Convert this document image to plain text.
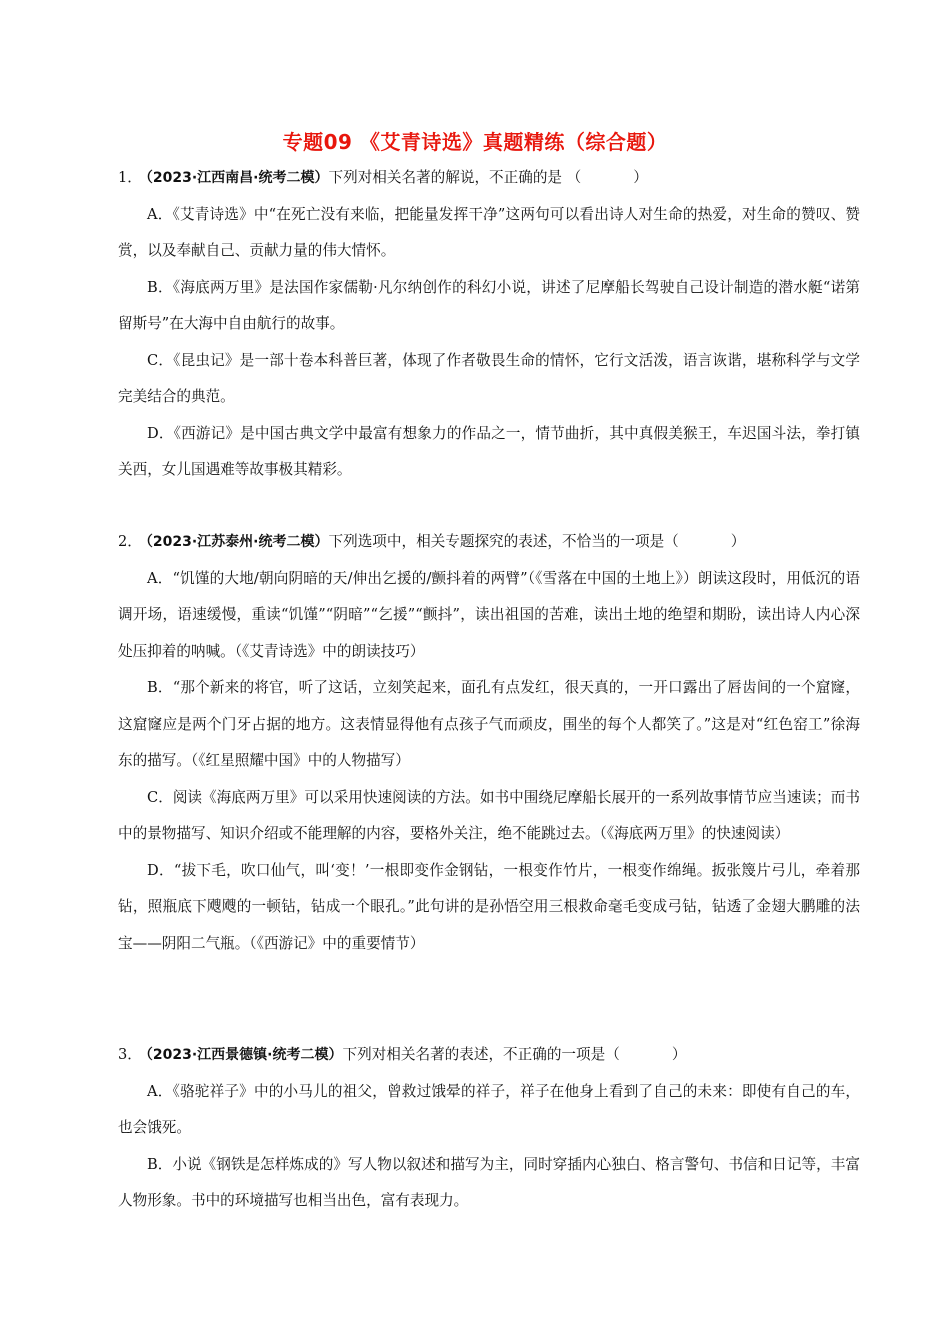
专题09 《艾青诗选》真题精练（综合题）
1． （2023·江西南昌·统考二模）下列对相关名著的解说，不正确的是 （	）

A．《艾青诗选》中“在死亡没有来临，把能量发挥干净”这两句可以看出诗人对生命的热爱，对生命的赞叹、赞赏，以及奉献自己、贡献力量的伟大情怀。

B．《海底两万里》是法国作家儒勒·凡尔纳创作的科幻小说，讲述了尼摩船长驾驶自己设计制造的潜水艇“诺第留斯号”在大海中自由航行的故事。

C．《昆虫记》是一部十卷本科普巨著，体现了作者敬畏生命的情怀，它行文活泼，语言诙谐，堪称科学与文学完美结合的典范。

D．《西游记》是中国古典文学中最富有想象力的作品之一，情节曲折，其中真假美猴王，车迟国斗法，拳打镇关西，女儿国遇难等故事极其精彩。

2． （2023·江苏泰州·统考二模）下列选项中，相关专题探究的表述，不恰当的一项是（	）

A．“饥馑的大地/朝向阴暗的天/伸出乞援的/颤抖着的两臂”（《雪落在中国的土地上》）朗读这段时，用低沉的语调开场，语速缓慢，重读“饥馑”“阴暗”“乞援”“颤抖”，读出祖国的苦难，读出土地的绝望和期盼，读出诗人内心深处压抑着的呐喊。（《艾青诗选》中的朗读技巧）

B．“那个新来的将官，听了这话，立刻笑起来，面孔有点发红，很天真的，一开口露出了唇齿间的一个窟窿，这窟窿应是两个门牙占据的地方。这表情显得他有点孩子气而顽皮，围坐的每个人都笑了。”这是对“红色窑工”徐海东的描写。（《红星照耀中国》中的人物描写）

C．阅读《海底两万里》可以采用快速阅读的方法。如书中围绕尼摩船长展开的一系列故事情节应当速读；而书中的景物描写、知识介绍或不能理解的内容，要格外关注，绝不能跳过去。（《海底两万里》的快速阅读）

D．“拔下毛，吹口仙气，叫‘变！’一根即变作金钢钻，一根变作竹片，一根变作绵绳。扳张篾片弓儿，牵着那钻，照瓶底下飕飕的一顿钻，钻成一个眼孔。”此句讲的是孙悟空用三根救命毫毛变成弓钻，钻透了金翅大鹏雕的法宝——阴阳二气瓶。（《西游记》中的重要情节）

3． （2023·江西景德镇·统考二模）下列对相关名著的表述，不正确的一项是（	）

A．《骆驼祥子》中的小马儿的祖父，曾救过饿晕的祥子，祥子在他身上看到了自己的未来：即使有自己的车，也会饿死。

B．小说《钢铁是怎样炼成的》写人物以叙述和描写为主，同时穿插内心独白、格言警句、书信和日记等，丰富人物形象。书中的环境描写也相当出色，富有表现力。
